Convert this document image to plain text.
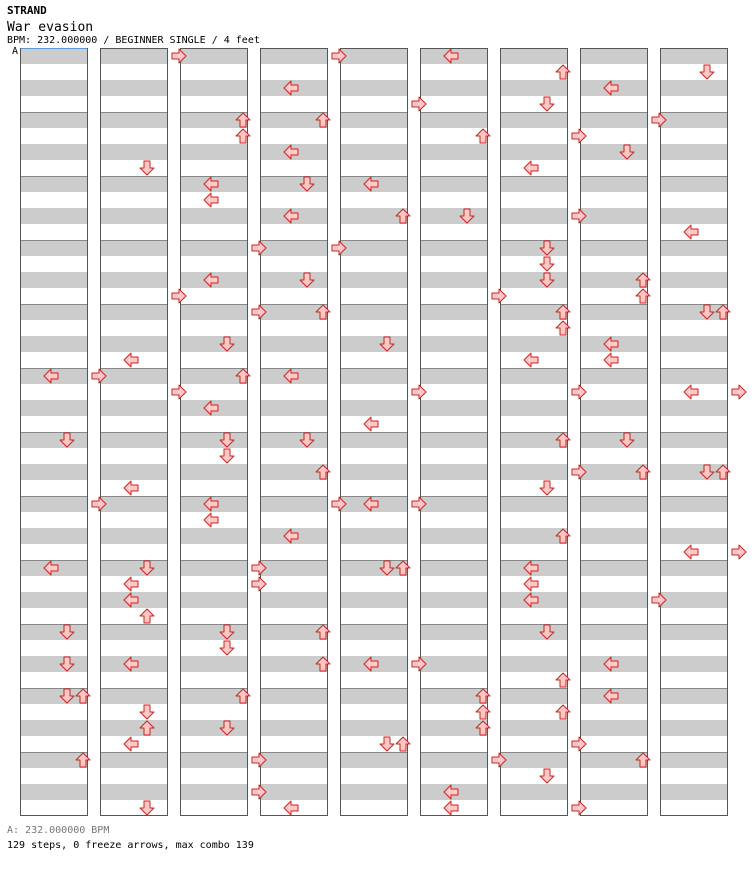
STRAND
War evasion
BPM: 232.000000 / BEGINNER SINGLE / 4 feet
A
A: 232.000000 BPM
129 steps, 0 freeze arrows, max combo 139
